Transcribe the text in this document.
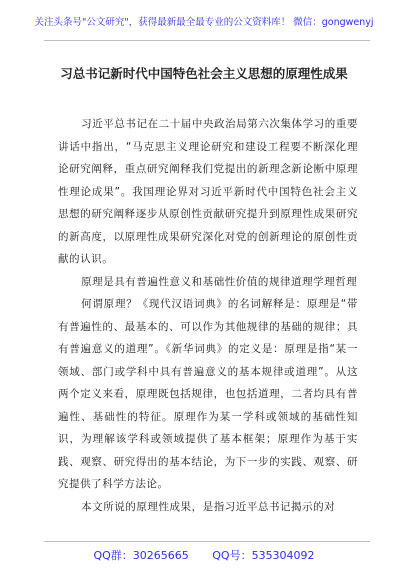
关注头条号"公文研究"，获得最新最全最专业的公文资料库！ 微信：gongwenyj
习总书记新时代中国特色社会主义思想的原理性成果

习近平总书记在二十届中央政治局第六次集体学习的重要讲话中指出，“马克思主义理论研究和建设工程要不断深化理论研究阐释，重点研究阐释我们党提出的新理念新论断中原理性理论成果”。我国理论界对习近平新时代中国特色社会主义思想的研究阐释逐步从原创性贡献研究提升到原理性成果研究的新高度，以原理性成果研究深化对党的创新理论的原创性贡献的认识。

原理是具有普遍性意义和基础性价值的规律道理学理哲理

何谓原理？《现代汉语词典》的名词解释是：原理是“带有普遍性的、最基本的、可以作为其他规律的基础的规律；具有普遍意义的道理”。《新华词典》的定义是：原理是指“某一领域、部门或学科中具有普遍意义的基本规律或道理”。从这两个定义来看，原理既包括规律，也包括道理，二者均具有普遍性、基础性的特征。原理作为某一学科或领域的基础性知识，为理解该学科或领域提供了基本框架；原理作为基于实践、观察、研究得出的基本结论，为下一步的实践、观察、研究提供了科学方法论。

本文所说的原理性成果，是指习近平总书记揭示的对

QQ群：30265665 QQ号：535304092
